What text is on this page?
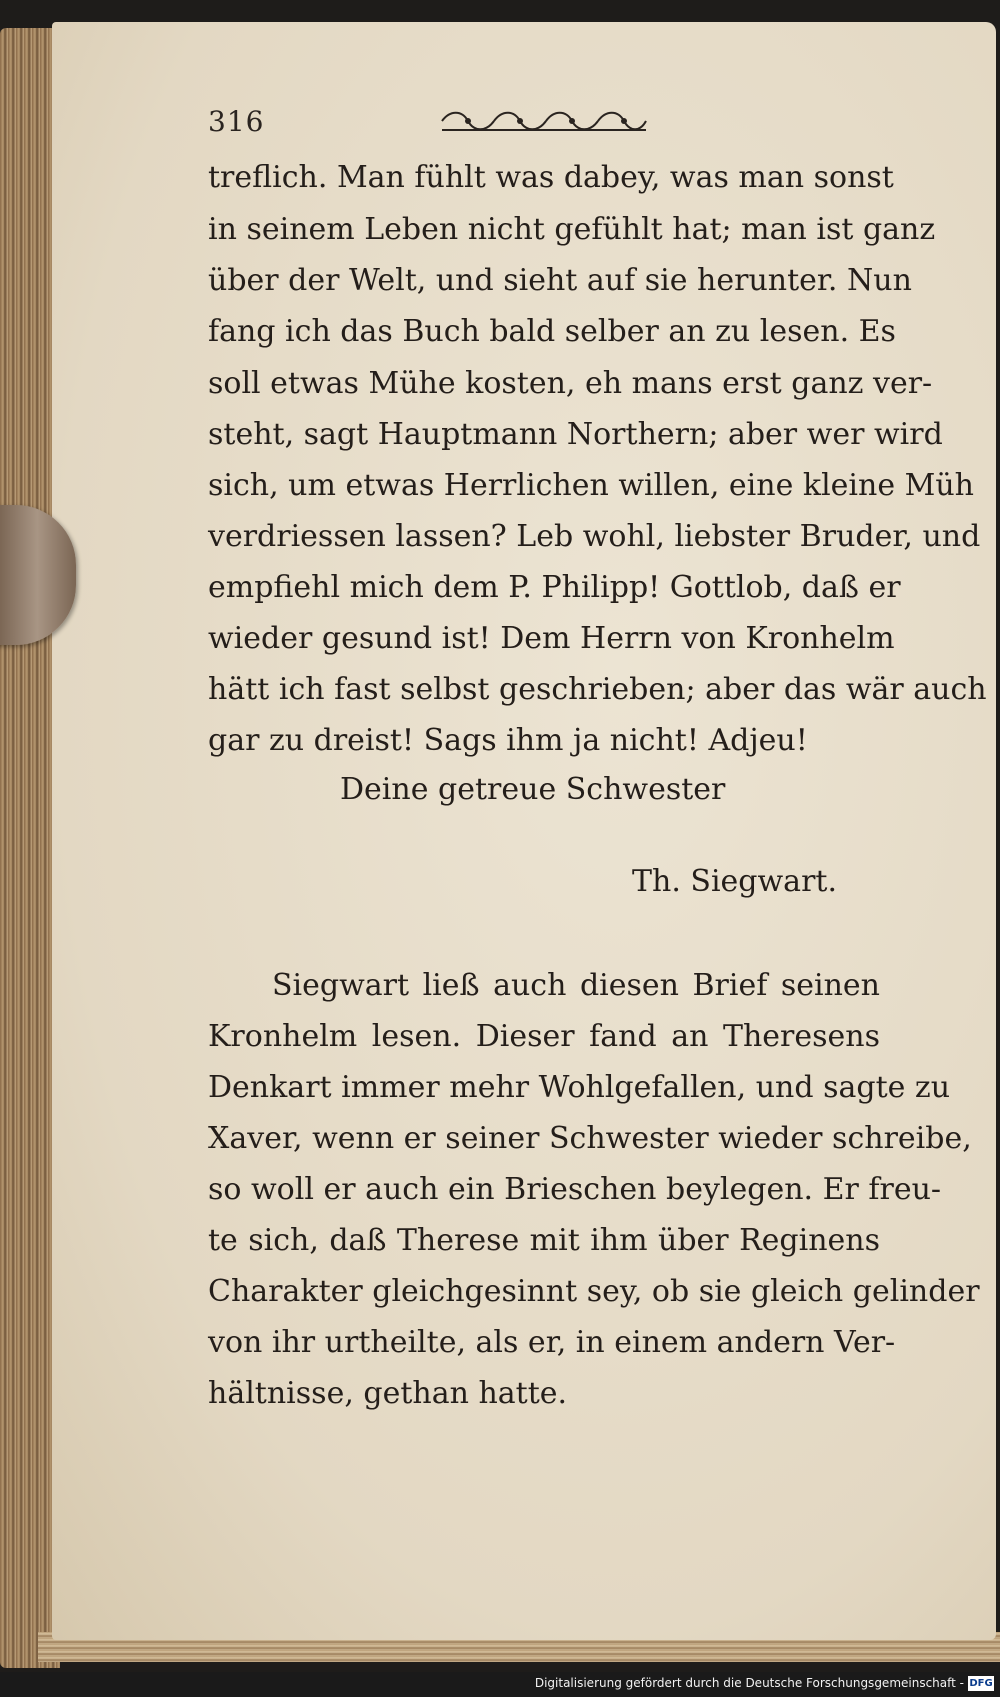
316
treflich. Man fühlt was dabey, was man sonst
in seinem Leben nicht gefühlt hat; man ist ganz
über der Welt, und sieht auf sie herunter. Nun
fang ich das Buch bald selber an zu lesen. Es
soll etwas Mühe kosten, eh mans erst ganz ver-
steht, sagt Hauptmann Northern; aber wer wird
sich, um etwas Herrlichen willen, eine kleine Müh
verdriessen lassen? Leb wohl, liebster Bruder, und
empfiehl mich dem P. Philipp! Gottlob, daß er
wieder gesund ist! Dem Herrn von Kronhelm
hätt ich fast selbst geschrieben; aber das wär auch
gar zu dreist! Sags ihm ja nicht! Adjeu!
Deine getreue Schwester
Th. Siegwart.
Siegwart ließ auch diesen Brief seinen
Kronhelm lesen. Dieser fand an Theresens
Denkart immer mehr Wohlgefallen, und sagte zu
Xaver, wenn er seiner Schwester wieder schreibe,
so woll er auch ein Brieschen beylegen. Er freu-
te sich, daß Therese mit ihm über Reginens
Charakter gleichgesinnt sey, ob sie gleich gelinder
von ihr urtheilte, als er, in einem andern Ver-
hältnisse, gethan hatte.
Digitalisierung gefördert durch die Deutsche Forschungsgemeinschaft - DFG
